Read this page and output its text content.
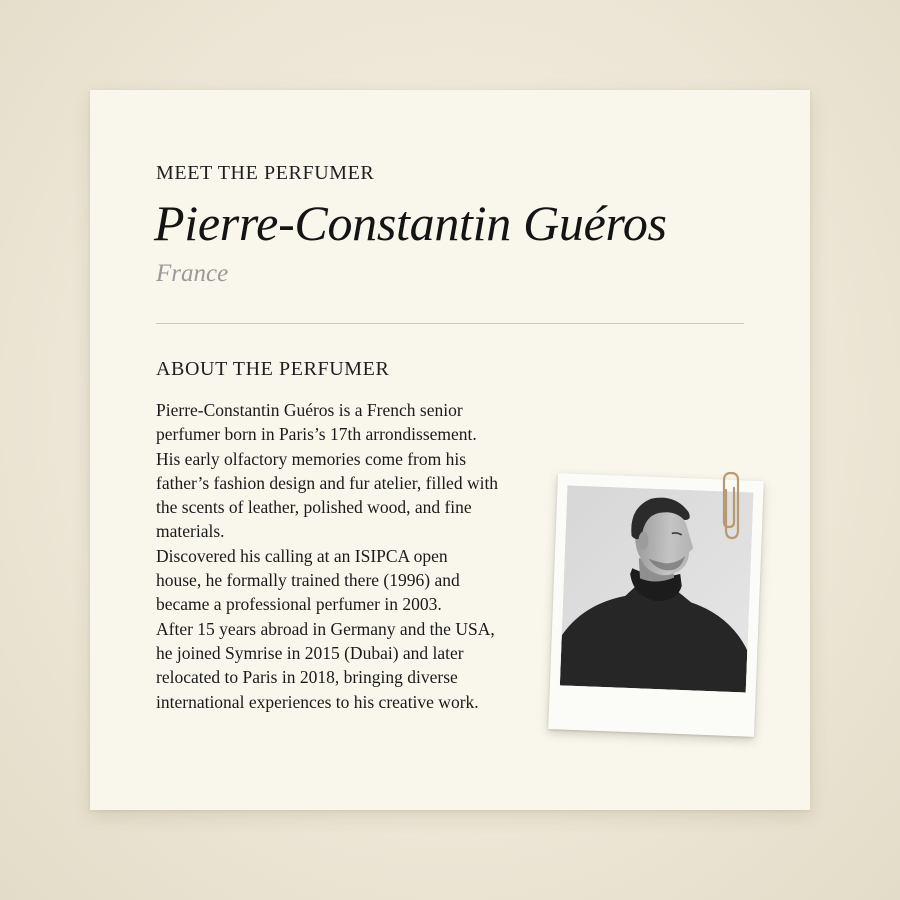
MEET THE PERFUMER
Pierre-Constantin Guéros
France
ABOUT THE PERFUMER
Pierre-Constantin Guéros is a French senior
perfumer born in Paris’s 17th arrondissement.
His early olfactory memories come from his
father’s fashion design and fur atelier, filled with
the scents of leather, polished wood, and fine
materials.
Discovered his calling at an ISIPCA open
house, he formally trained there (1996) and
became a professional perfumer in 2003.
After 15 years abroad in Germany and the USA,
he joined Symrise in 2015 (Dubai) and later
relocated to Paris in 2018, bringing diverse
international experiences to his creative work.
